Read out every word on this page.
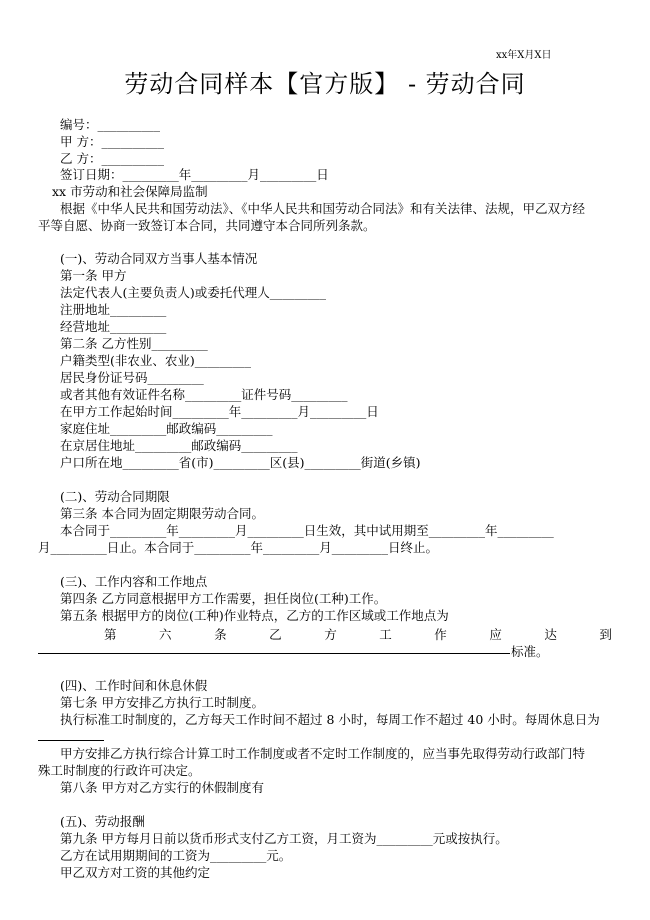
xx年X月X日
劳动合同样本【官方版】 - 劳动合同
编号：__________
甲 方：__________
乙 方：__________
签订日期：_________年_________月_________日
xx 市劳动和社会保障局监制
根据《中华人民共和国劳动法》、《中华人民共和国劳动合同法》和有关法律、法规，甲乙双方经
平等自愿、协商一致签订本合同，共同遵守本合同所列条款。
(一)、劳动合同双方当事人基本情况
第一条 甲方
法定代表人(主要负责人)或委托代理人_________
注册地址_________
经营地址_________
第二条 乙方性别_________
户籍类型(非农业、农业)_________
居民身份证号码_________
或者其他有效证件名称_________证件号码_________
在甲方工作起始时间_________年_________月_________日
家庭住址_________邮政编码_________
在京居住地址_________邮政编码_________
户口所在地_________省(市)_________区(县)_________街道(乡镇)
(二)、劳动合同期限
第三条 本合同为固定期限劳动合同。
本合同于_________年_________月_________日生效，其中试用期至_________年_________
月_________日止。本合同于_________年_________月_________日终止。
(三)、工作内容和工作地点
第四条 乙方同意根据甲方工作需要，担任岗位(工种)工作。
第五条 根据甲方的岗位(工种)作业特点，乙方的工作区域或工作地点为
第	六	条	乙	方	工	作	应	达	到
标准。
(四)、工作时间和休息休假
第七条 甲方安排乙方执行工时制度。
执行标准工时制度的，乙方每天工作时间不超过 8 小时，每周工作不超过 40 小时。每周休息日为
甲方安排乙方执行综合计算工时工作制度或者不定时工作制度的，应当事先取得劳动行政部门特
殊工时制度的行政许可决定。
第八条 甲方对乙方实行的休假制度有
(五)、劳动报酬
第九条 甲方每月日前以货币形式支付乙方工资，月工资为_________元或按执行。
乙方在试用期期间的工资为_________元。
甲乙双方对工资的其他约定
